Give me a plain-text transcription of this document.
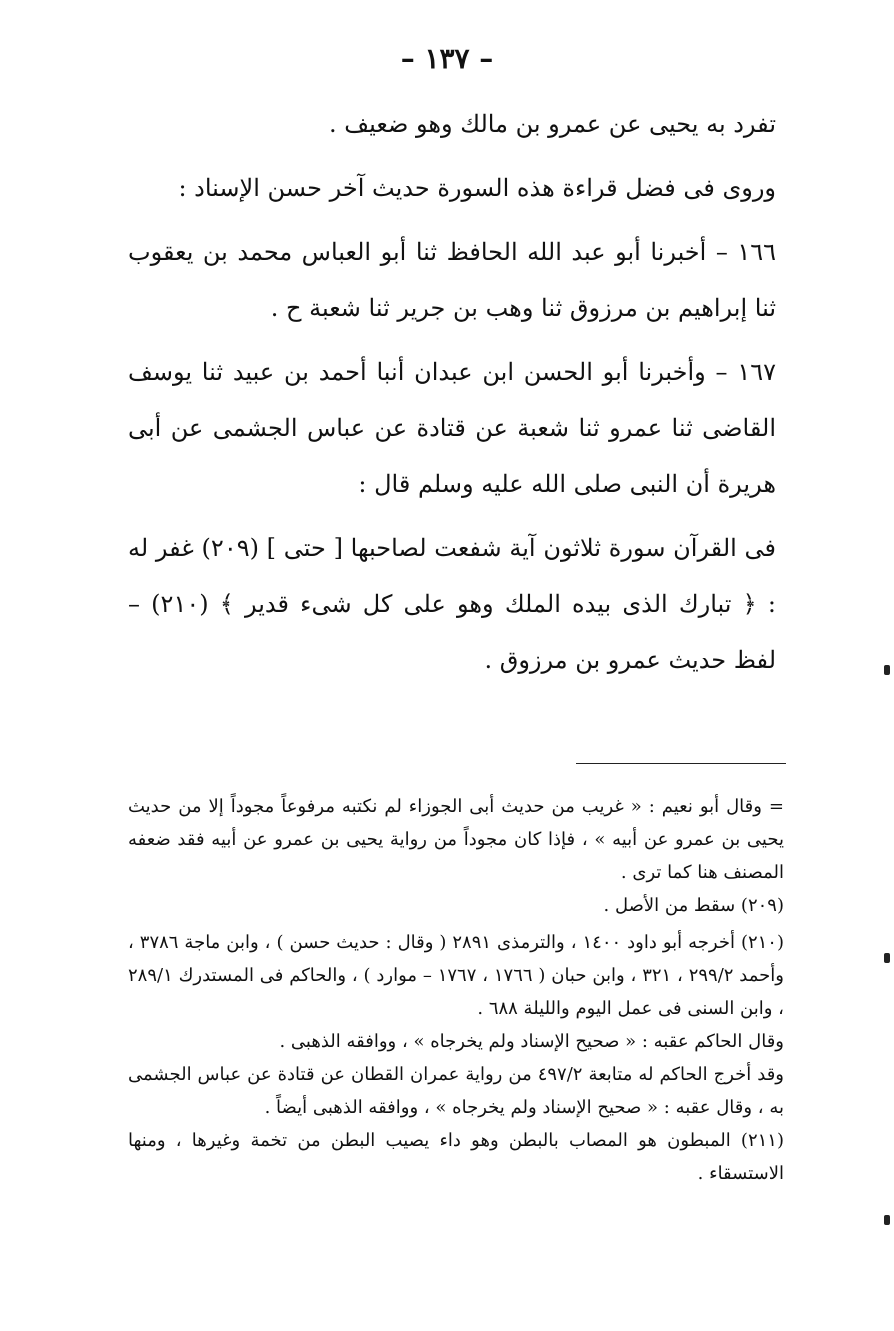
– ١٣٧ –

تفرد به يحيى عن عمرو بن مالك وهو ضعيف .

وروى فى فضل قراءة هذه السورة حديث آخر حسن الإسناد :

١٦٦ – أخبرنا أبو عبد الله الحافظ ثنا أبو العباس محمد بن يعقوب ثنا إبراهيم بن مرزوق ثنا وهب بن جرير ثنا شعبة ح .

١٦٧ – وأخبرنا أبو الحسن ابن عبدان أنبا أحمد بن عبيد ثنا يوسف القاضى ثنا عمرو ثنا شعبة عن قتادة عن عباس الجشمى عن أبى هريرة أن النبى صلى الله عليه وسلم قال :

فى القرآن سورة ثلاثون آية شفعت لصاحبها [ حتى ] (٢٠٩) غفر له : ﴿ تبارك الذى بيده الملك وهو على كل شىء قدير ﴾ (٢١٠) – لفظ حديث عمرو بن مرزوق .

= وقال أبو نعيم : « غريب من حديث أبى الجوزاء لم نكتبه مرفوعاً مجوداً إلا من حديث يحيى بن عمرو عن أبيه » ، فإذا كان مجوداً من رواية يحيى بن عمرو عن أبيه فقد ضعفه المصنف هنا كما ترى .

(٢٠٩) سقط من الأصل .

(٢١٠) أخرجه أبو داود ١٤٠٠ ، والترمذى ٢٨٩١ ( وقال : حديث حسن ) ، وابن ماجة ٣٧٨٦ ، وأحمد ٢٩٩/٢ ، ٣٢١ ، وابن حبان ( ١٧٦٦ ، ١٧٦٧ – موارد ) ، والحاكم فى المستدرك ٢٨٩/١ ، وابن السنى فى عمل اليوم والليلة ٦٨٨ .

وقال الحاكم عقبه : « صحيح الإسناد ولم يخرجاه » ، ووافقه الذهبى .

وقد أخرج الحاكم له متابعة ٤٩٧/٢ من رواية عمران القطان عن قتادة عن عباس الجشمى به ، وقال عقبه : « صحيح الإسناد ولم يخرجاه » ، ووافقه الذهبى أيضاً .

(٢١١) المبطون هو المصاب بالبطن وهو داء يصيب البطن من تخمة وغيرها ، ومنها الاستسقاء .
